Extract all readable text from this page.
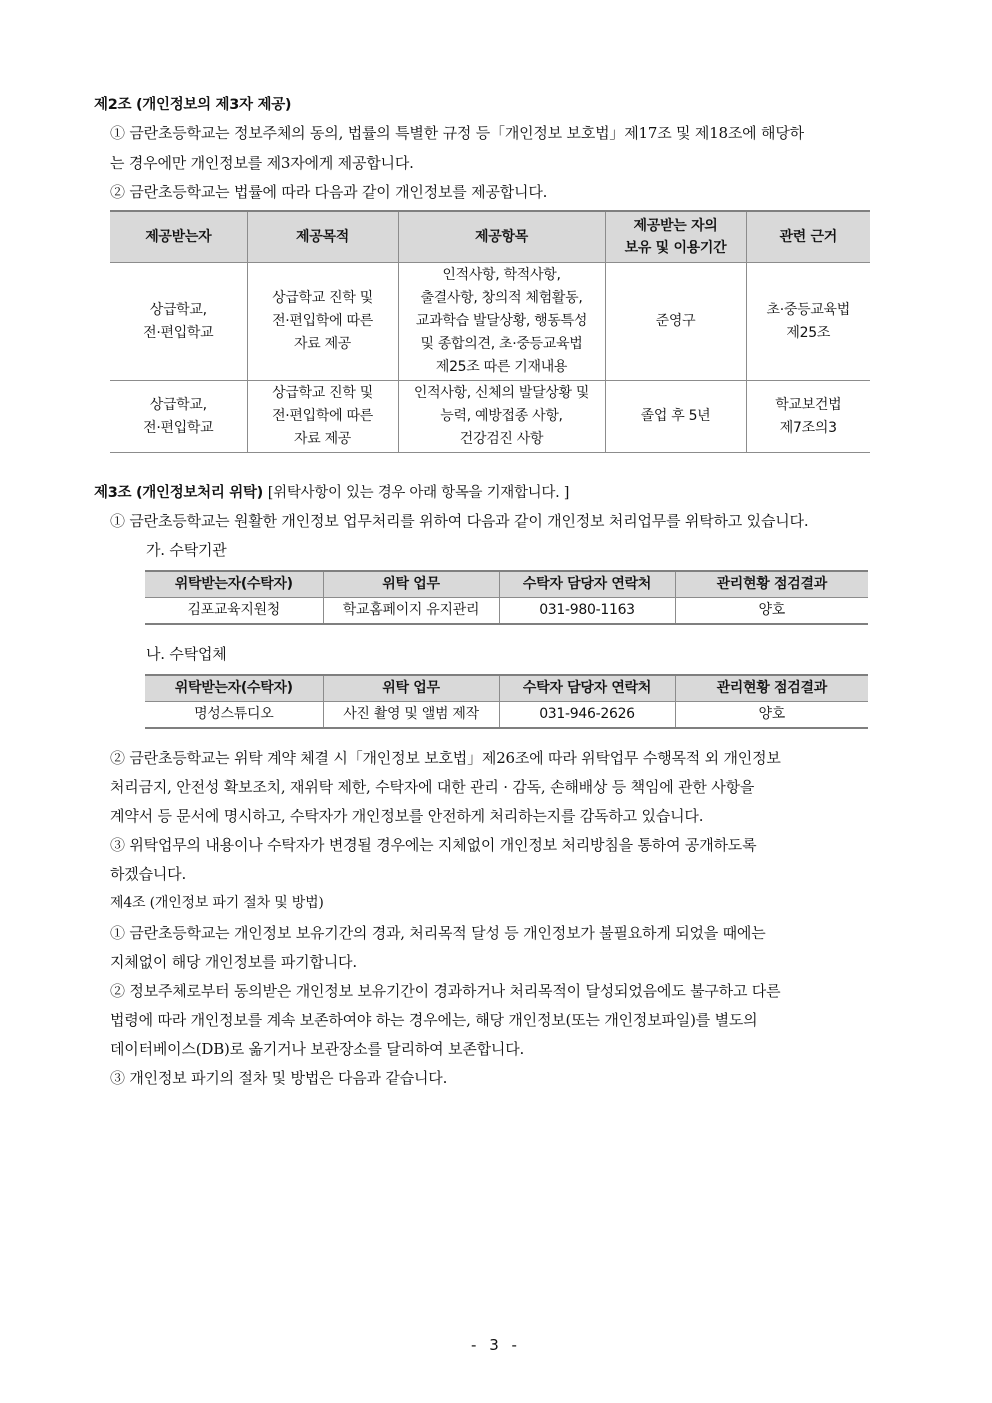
제2조 (개인정보의 제3자 제공)
① 금란초등학교는 정보주체의 동의, 법률의 특별한 규정 등「개인정보 보호법」제17조 및 제18조에 해당하
는 경우에만 개인정보를 제3자에게 제공합니다.
② 금란초등학교는 법률에 따라 다음과 같이 개인정보를 제공합니다.
제공받는자	제공목적	제공항목	제공받는 자의
보유 및 이용기간	관련 근거
상급학교,
전·편입학교	상급학교 진학 및
전·편입학에 따른
자료 제공	인적사항, 학적사항,
출결사항, 창의적 체험활동,
교과학습 발달상황, 행동특성
및 종합의견, 초·중등교육법
제25조 따른 기재내용	준영구	초·중등교육법
제25조
상급학교,
전·편입학교	상급학교 진학 및
전·편입학에 따른
자료 제공	인적사항, 신체의 발달상황 및
능력, 예방접종 사항,
건강검진 사항	졸업 후 5년	학교보건법
제7조의3
제3조 (개인정보처리 위탁) [위탁사항이 있는 경우 아래 항목을 기재합니다. ]
① 금란초등학교는 원활한 개인정보 업무처리를 위하여 다음과 같이 개인정보 처리업무를 위탁하고 있습니다.
가. 수탁기관
위탁받는자(수탁자)	위탁 업무	수탁자 담당자 연락처	관리현황 점검결과
김포교육지원청	학교홈페이지 유지관리	031-980-1163	양호
나. 수탁업체
위탁받는자(수탁자)	위탁 업무	수탁자 담당자 연락처	관리현황 점검결과
명성스튜디오	사진 촬영 및 앨범 제작	031-946-2626	양호
② 금란초등학교는 위탁 계약 체결 시「개인정보 보호법」제26조에 따라 위탁업무 수행목적 외 개인정보
처리금지, 안전성 확보조치, 재위탁 제한, 수탁자에 대한 관리 · 감독, 손해배상 등 책임에 관한 사항을
계약서 등 문서에 명시하고, 수탁자가 개인정보를 안전하게 처리하는지를 감독하고 있습니다.
③ 위탁업무의 내용이나 수탁자가 변경될 경우에는 지체없이 개인정보 처리방침을 통하여 공개하도록
하겠습니다.
제4조 (개인정보 파기 절차 및 방법)
① 금란초등학교는 개인정보 보유기간의 경과, 처리목적 달성 등 개인정보가 불필요하게 되었을 때에는
지체없이 해당 개인정보를 파기합니다.
② 정보주체로부터 동의받은 개인정보 보유기간이 경과하거나 처리목적이 달성되었음에도 불구하고 다른
법령에 따라 개인정보를 계속 보존하여야 하는 경우에는, 해당 개인정보(또는 개인정보파일)를 별도의
데이터베이스(DB)로 옮기거나 보관장소를 달리하여 보존합니다.
③ 개인정보 파기의 절차 및 방법은 다음과 같습니다.
- 3 -
